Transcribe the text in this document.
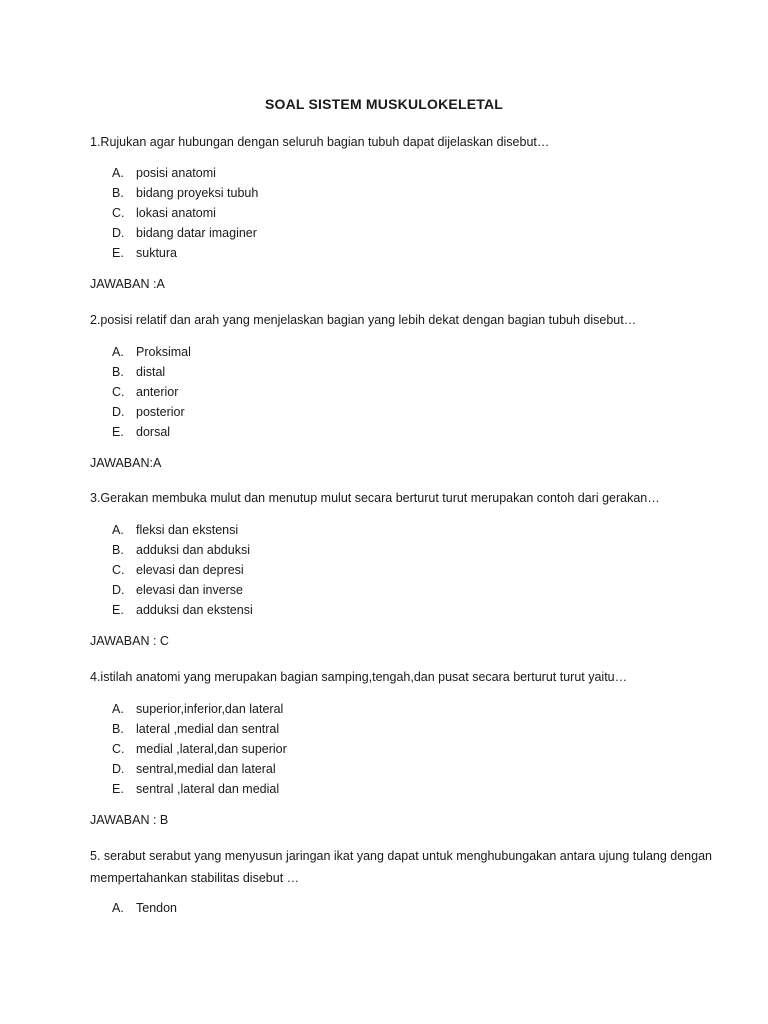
SOAL SISTEM MUSKULOKELETAL
1.Rujukan agar hubungan dengan seluruh bagian tubuh dapat dijelaskan disebut…
A. posisi anatomi
B. bidang proyeksi tubuh
C. lokasi anatomi
D. bidang datar imaginer
E. suktura
JAWABAN :A
2.posisi relatif dan arah yang menjelaskan bagian yang lebih dekat dengan bagian tubuh disebut…
A. Proksimal
B. distal
C. anterior
D. posterior
E. dorsal
JAWABAN:A
3.Gerakan membuka mulut dan menutup mulut secara berturut turut merupakan contoh dari gerakan…
A. fleksi dan ekstensi
B. adduksi dan abduksi
C. elevasi dan depresi
D. elevasi dan inverse
E. adduksi dan ekstensi
JAWABAN : C
4.istilah anatomi yang merupakan bagian samping,tengah,dan pusat secara berturut turut yaitu…
A. superior,inferior,dan lateral
B. lateral ,medial dan sentral
C. medial ,lateral,dan superior
D. sentral,medial dan lateral
E. sentral ,lateral dan medial
JAWABAN : B
5. serabut serabut yang menyusun jaringan ikat yang dapat untuk menghubungakan antara ujung tulang dengan mempertahankan stabilitas disebut …
A. Tendon
